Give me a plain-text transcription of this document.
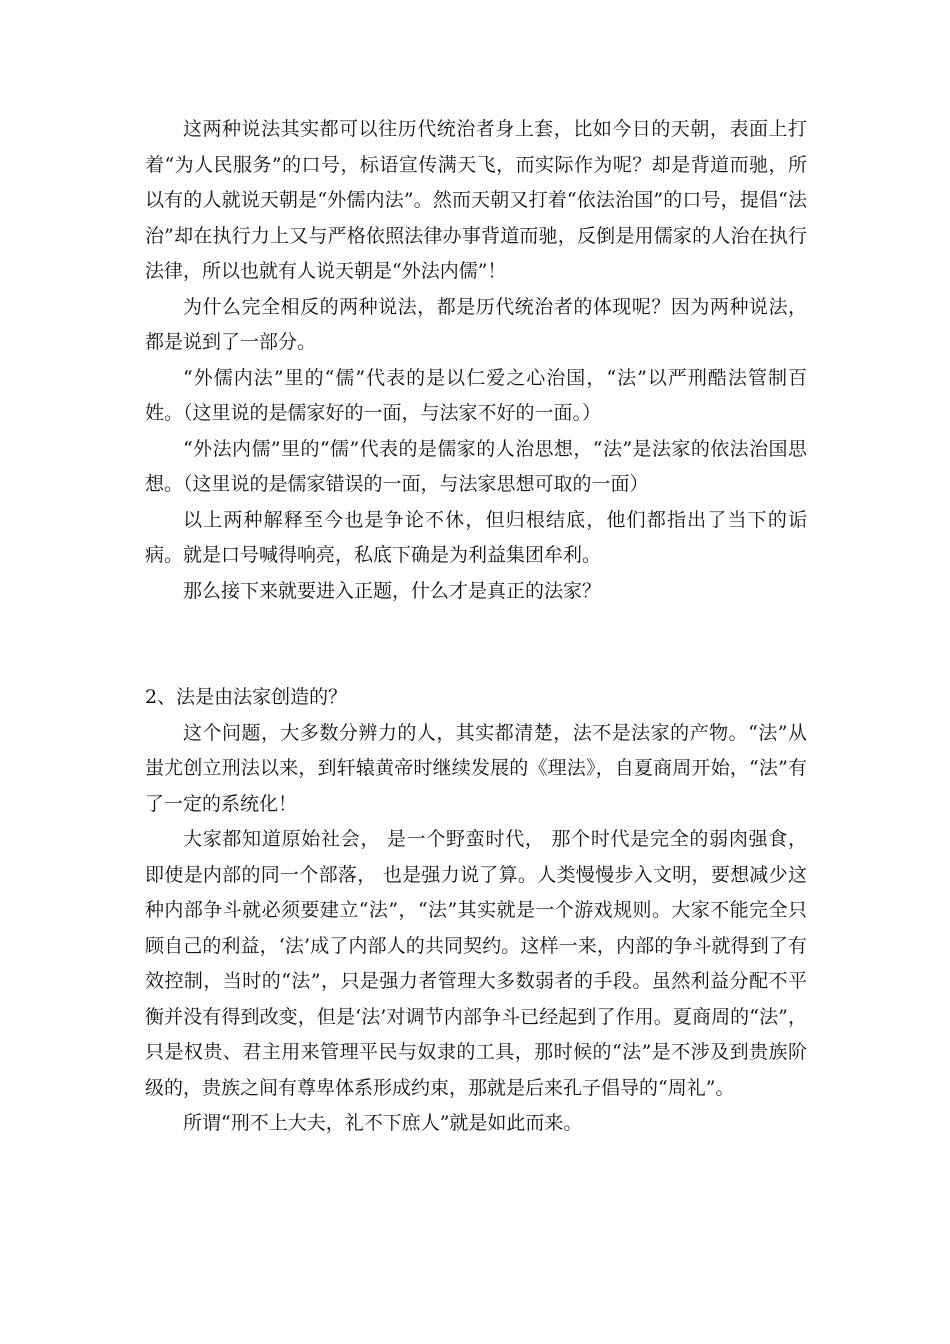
这两种说法其实都可以往历代统治者身上套，比如今日的天朝，表面上打着“为人民服务”的口号，标语宣传满天飞，而实际作为呢？却是背道而驰，所以有的人就说天朝是“外儒内法”。然而天朝又打着“依法治国”的口号，提倡“法治”却在执行力上又与严格依照法律办事背道而驰，反倒是用儒家的人治在执行法律，所以也就有人说天朝是“外法内儒”！

为什么完全相反的两种说法，都是历代统治者的体现呢？因为两种说法，都是说到了一部分。

“外儒内法”里的“儒”代表的是以仁爱之心治国，“法”以严刑酷法管制百姓。（这里说的是儒家好的一面，与法家不好的一面。）

“外法内儒”里的“儒”代表的是儒家的人治思想，“法”是法家的依法治国思想。（这里说的是儒家错误的一面，与法家思想可取的一面）

以上两种解释至今也是争论不休，但归根结底，他们都指出了当下的诟病。就是口号喊得响亮，私底下确是为利益集团牟利。

那么接下来就要进入正题，什么才是真正的法家？

2、法是由法家创造的？

这个问题，大多数分辨力的人，其实都清楚，法不是法家的产物。“法”从蚩尤创立刑法以来，到轩辕黄帝时继续发展的《理法》，自夏商周开始，“法”有了一定的系统化！

大家都知道原始社会， 是一个野蛮时代， 那个时代是完全的弱肉强食， 即使是内部的同一个部落， 也是强力说了算。人类慢慢步入文明，要想减少这种内部争斗就必须要建立“法”，“法”其实就是一个游戏规则。大家不能完全只顾自己的利益，‘法’成了内部人的共同契约。这样一来，内部的争斗就得到了有效控制，当时的“法”，只是强力者管理大多数弱者的手段。虽然利益分配不平衡并没有得到改变，但是‘法’对调节内部争斗已经起到了作用。夏商周的“法”，只是权贵、君主用来管理平民与奴隶的工具，那时候的“法”是不涉及到贵族阶级的，贵族之间有尊卑体系形成约束，那就是后来孔子倡导的“周礼”。

所谓“刑不上大夫，礼不下庶人”就是如此而来。
